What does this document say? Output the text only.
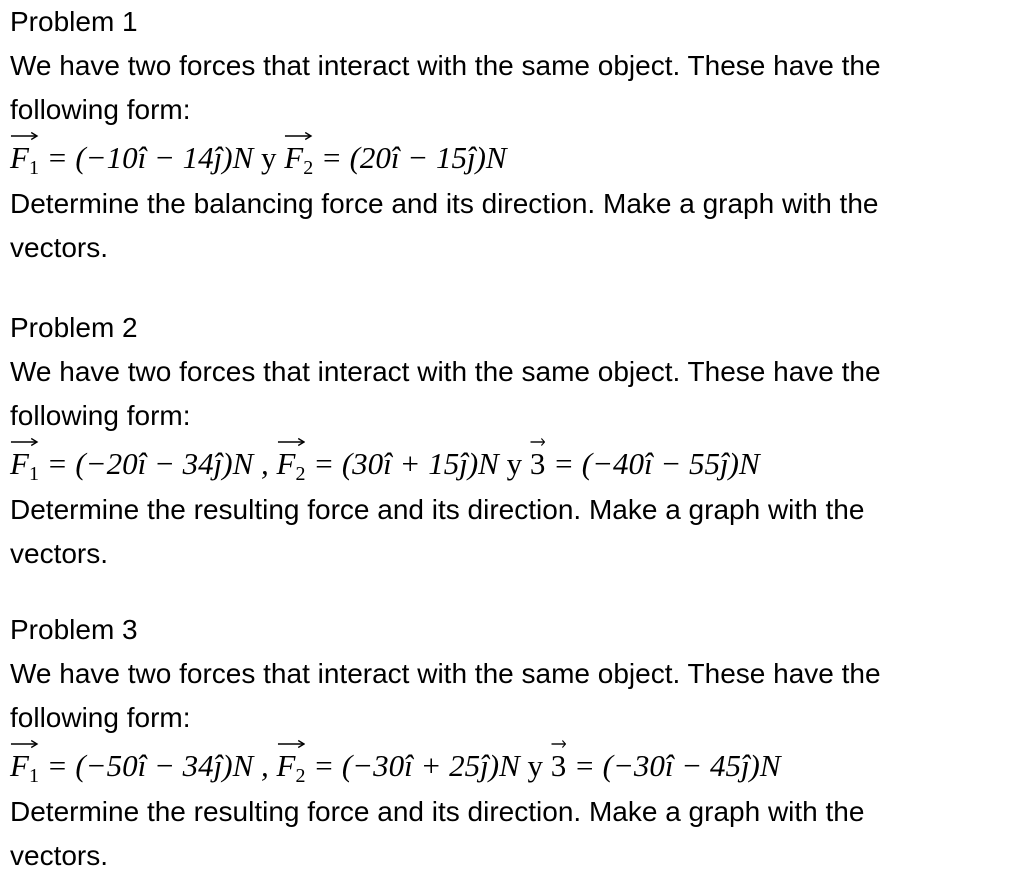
Problem 1
We have two forces that interact with the same object. These have the
following form:
$F_1$ = (−10î − 14ĵ)N y $F_2$ = (20î − 15ĵ)N
Determine the balancing force and its direction. Make a graph with the
vectors.
Problem 2
We have two forces that interact with the same object. These have the
following form:
$F_1$ = (−20î − 34ĵ)N ,
$F_2$ = (30î + 15ĵ)N y 3 = (−40î − 55ĵ)N
Determine the resulting force and its direction. Make a graph with the
vectors.
Problem 3
We have two forces that interact with the same object. These have the
following form:
$F_1$ = (−50î − 34ĵ)N ,
$F_2$ = (−30î + 25ĵ)N y 3 = (−30î − 45ĵ)N
Determine the resulting force and its direction. Make a graph with the
vectors.
